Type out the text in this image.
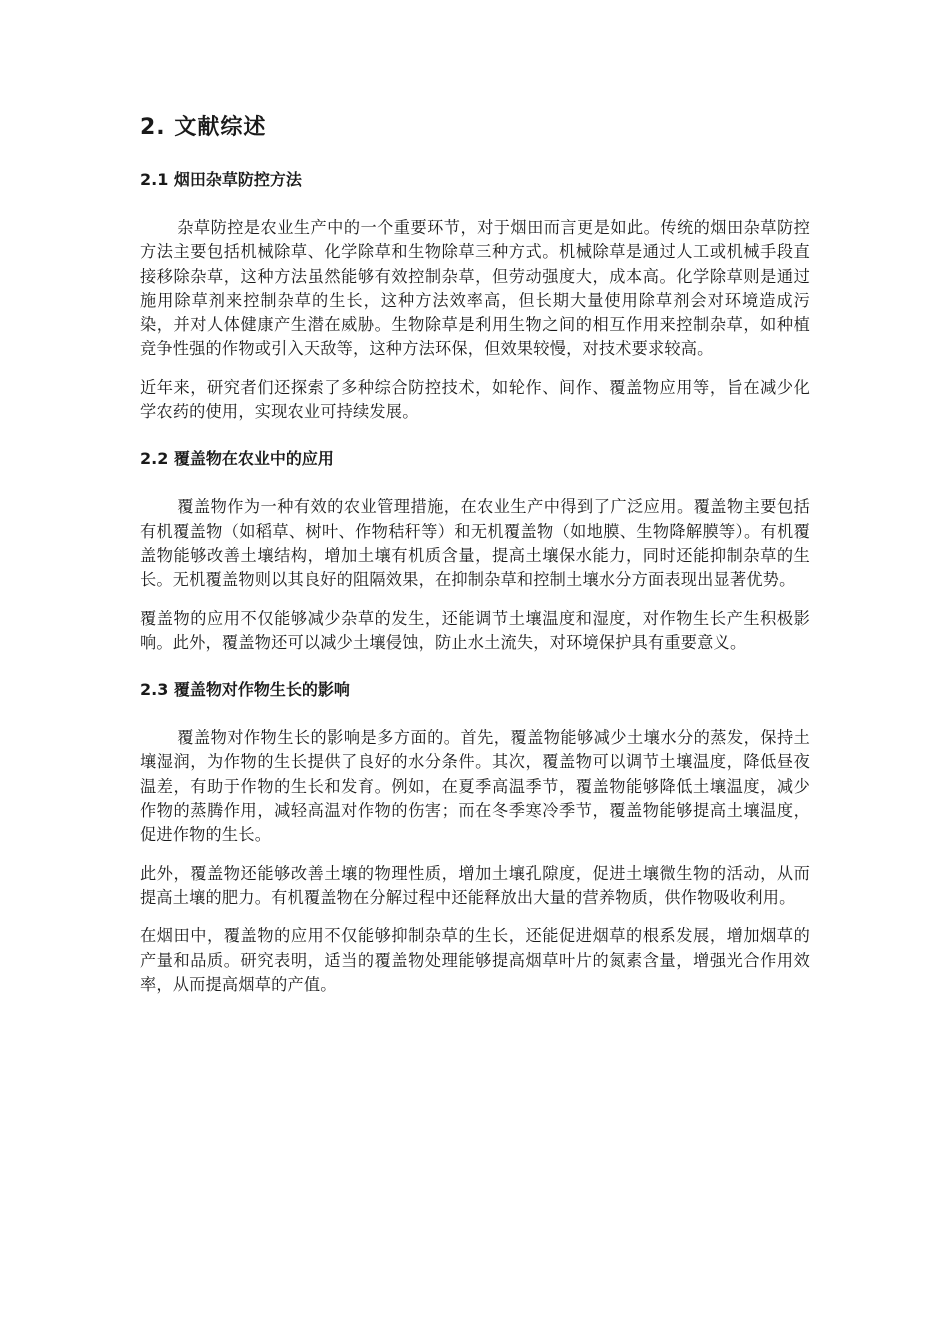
2. 文献综述
2.1 烟田杂草防控方法

杂草防控是农业生产中的一个重要环节，对于烟田而言更是如此。传统的烟田杂草防控方法主要包括机械除草、化学除草和生物除草三种方式。机械除草是通过人工或机械手段直接移除杂草，这种方法虽然能够有效控制杂草，但劳动强度大，成本高。化学除草则是通过施用除草剂来控制杂草的生长，这种方法效率高，但长期大量使用除草剂会对环境造成污染，并对人体健康产生潜在威胁。生物除草是利用生物之间的相互作用来控制杂草，如种植竞争性强的作物或引入天敌等，这种方法环保，但效果较慢，对技术要求较高。

近年来，研究者们还探索了多种综合防控技术，如轮作、间作、覆盖物应用等，旨在减少化学农药的使用，实现农业可持续发展。

2.2 覆盖物在农业中的应用

覆盖物作为一种有效的农业管理措施，在农业生产中得到了广泛应用。覆盖物主要包括有机覆盖物（如稻草、树叶、作物秸秆等）和无机覆盖物（如地膜、生物降解膜等）。有机覆盖物能够改善土壤结构，增加土壤有机质含量，提高土壤保水能力，同时还能抑制杂草的生长。无机覆盖物则以其良好的阻隔效果，在抑制杂草和控制土壤水分方面表现出显著优势。

覆盖物的应用不仅能够减少杂草的发生，还能调节土壤温度和湿度，对作物生长产生积极影响。此外，覆盖物还可以减少土壤侵蚀，防止水土流失，对环境保护具有重要意义。

2.3 覆盖物对作物生长的影响

覆盖物对作物生长的影响是多方面的。首先，覆盖物能够减少土壤水分的蒸发，保持土壤湿润，为作物的生长提供了良好的水分条件。其次，覆盖物可以调节土壤温度，降低昼夜温差，有助于作物的生长和发育。例如，在夏季高温季节，覆盖物能够降低土壤温度，减少作物的蒸腾作用，减轻高温对作物的伤害；而在冬季寒冷季节，覆盖物能够提高土壤温度，促进作物的生长。

此外，覆盖物还能够改善土壤的物理性质，增加土壤孔隙度，促进土壤微生物的活动，从而提高土壤的肥力。有机覆盖物在分解过程中还能释放出大量的营养物质，供作物吸收利用。

在烟田中，覆盖物的应用不仅能够抑制杂草的生长，还能促进烟草的根系发展，增加烟草的产量和品质。研究表明，适当的覆盖物处理能够提高烟草叶片的氮素含量，增强光合作用效率，从而提高烟草的产值。
